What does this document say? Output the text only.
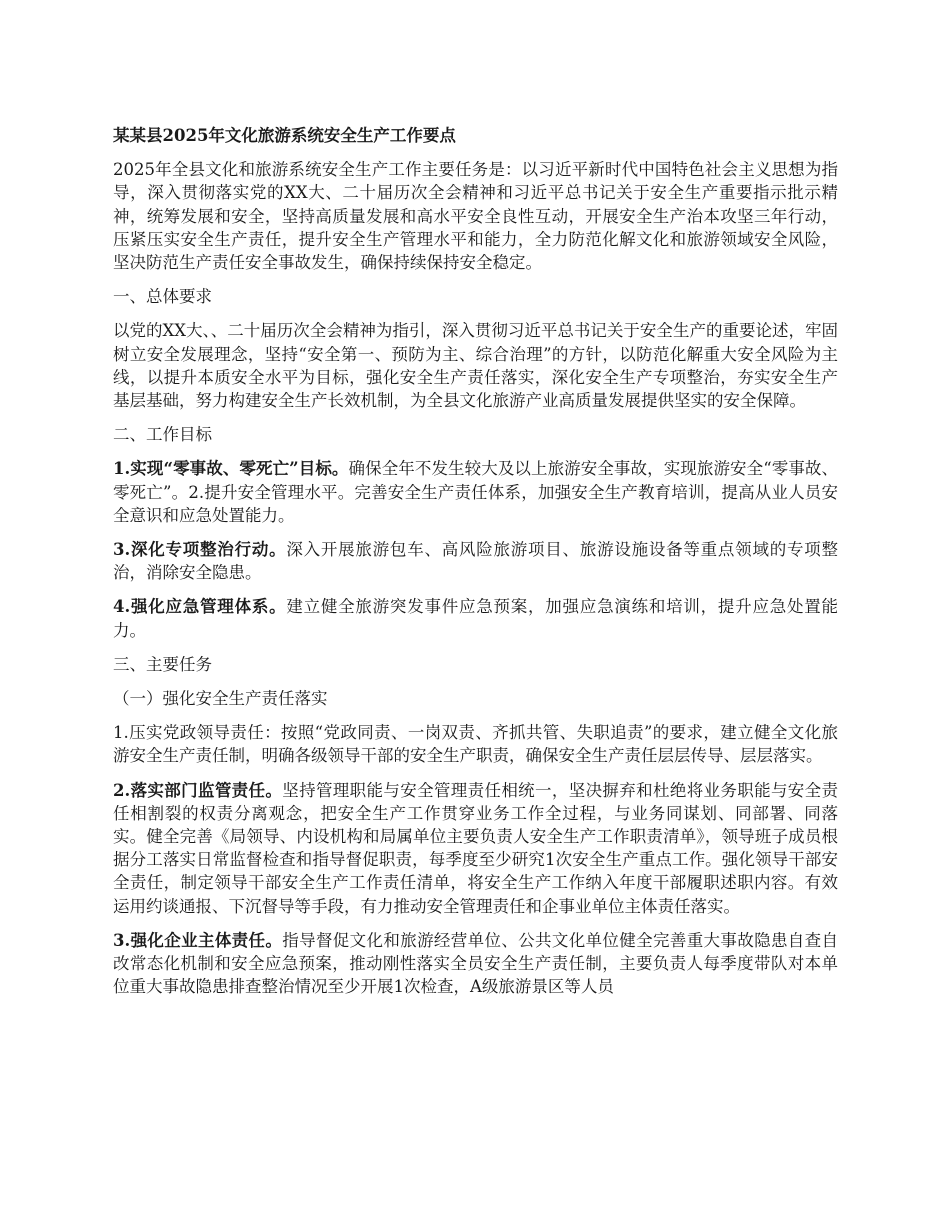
某某县2025年文化旅游系统安全生产工作要点

2025年全县文化和旅游系统安全生产工作主要任务是：以习近平新时代中国特色社会主义思想为指导，深入贯彻落实党的XX大、二十届历次全会精神和习近平总书记关于安全生产重要指示批示精神，统筹发展和安全，坚持高质量发展和高水平安全良性互动，开展安全生产治本攻坚三年行动，压紧压实安全生产责任，提升安全生产管理水平和能力，全力防范化解文化和旅游领域安全风险，坚决防范生产责任安全事故发生，确保持续保持安全稳定。

一、总体要求

以党的XX大、、二十届历次全会精神为指引，深入贯彻习近平总书记关于安全生产的重要论述，牢固树立安全发展理念，坚持“安全第一、预防为主、综合治理”的方针，以防范化解重大安全风险为主线，以提升本质安全水平为目标，强化安全生产责任落实，深化安全生产专项整治，夯实安全生产基层基础，努力构建安全生产长效机制，为全县文化旅游产业高质量发展提供坚实的安全保障。

二、工作目标

1.实现“零事故、零死亡”目标。确保全年不发生较大及以上旅游安全事故，实现旅游安全“零事故、零死亡”。2.提升安全管理水平。完善安全生产责任体系，加强安全生产教育培训，提高从业人员安全意识和应急处置能力。

3.深化专项整治行动。深入开展旅游包车、高风险旅游项目、旅游设施设备等重点领域的专项整治，消除安全隐患。

4.强化应急管理体系。建立健全旅游突发事件应急预案，加强应急演练和培训，提升应急处置能力。

三、主要任务
（一）强化安全生产责任落实

1.压实党政领导责任：按照“党政同责、一岗双责、齐抓共管、失职追责”的要求，建立健全文化旅游安全生产责任制，明确各级领导干部的安全生产职责，确保安全生产责任层层传导、层层落实。

2.落实部门监管责任。坚持管理职能与安全管理责任相统一，坚决摒弃和杜绝将业务职能与安全责任相割裂的权责分离观念，把安全生产工作贯穿业务工作全过程，与业务同谋划、同部署、同落实。健全完善《局领导、内设机构和局属单位主要负责人安全生产工作职责清单》，领导班子成员根据分工落实日常监督检查和指导督促职责，每季度至少研究1次安全生产重点工作。强化领导干部安全责任，制定领导干部安全生产工作责任清单，将安全生产工作纳入年度干部履职述职内容。有效运用约谈通报、下沉督导等手段，有力推动安全管理责任和企事业单位主体责任落实。

3.强化企业主体责任。指导督促文化和旅游经营单位、公共文化单位健全完善重大事故隐患自查自改常态化机制和安全应急预案，推动刚性落实全员安全生产责任制，主要负责人每季度带队对本单位重大事故隐患排查整治情况至少开展1次检查，A级旅游景区等人员
